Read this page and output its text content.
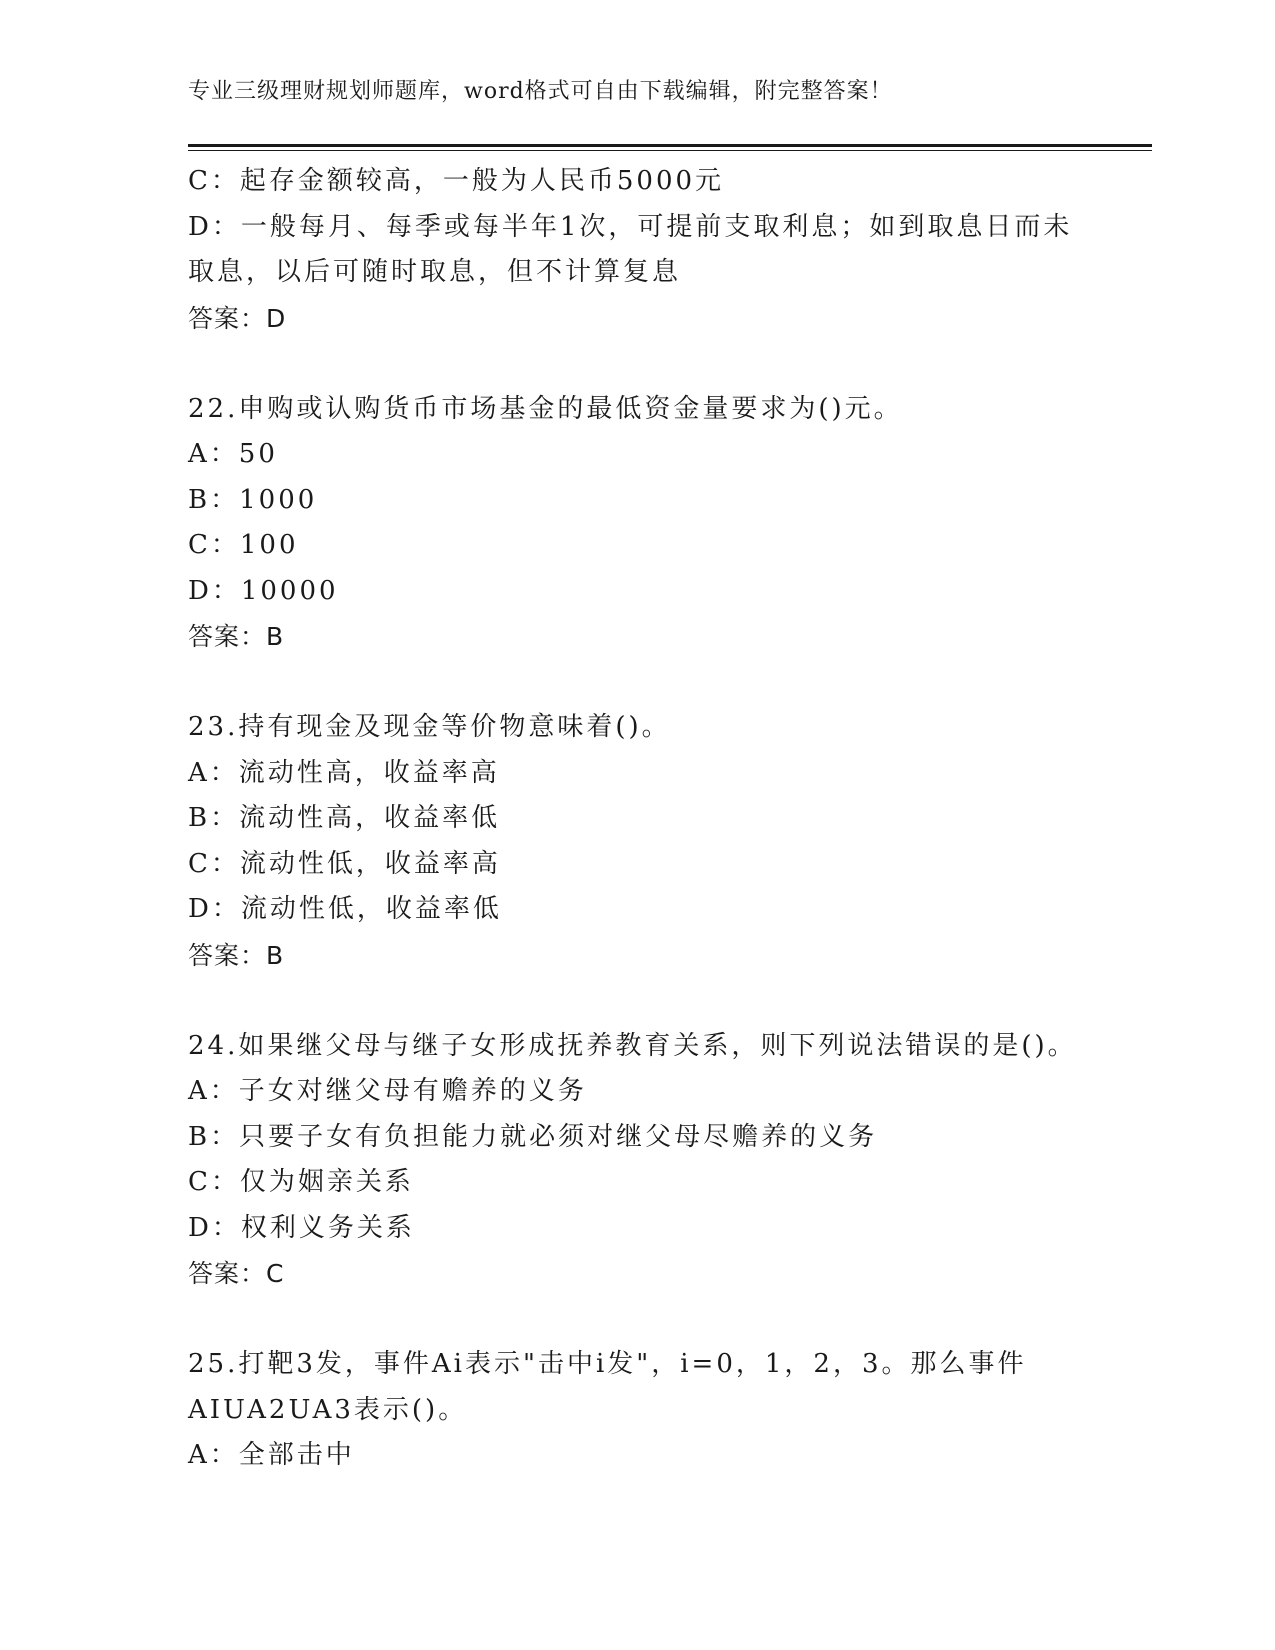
专业三级理财规划师题库，word格式可自由下载编辑，附完整答案！
C：起存金额较高，一般为人民币5000元
D：一般每月、每季或每半年1次，可提前支取利息；如到取息日而未
取息，以后可随时取息，但不计算复息
答案：D
22.申购或认购货币市场基金的最低资金量要求为()元。
A：50
B：1000
C：100
D：10000
答案：B
23.持有现金及现金等价物意味着()。
A：流动性高，收益率高
B：流动性高，收益率低
C：流动性低，收益率高
D：流动性低，收益率低
答案：B
24.如果继父母与继子女形成抚养教育关系，则下列说法错误的是()。
A：子女对继父母有赡养的义务
B：只要子女有负担能力就必须对继父母尽赡养的义务
C：仅为姻亲关系
D：权利义务关系
答案：C
25.打靶3发，事件Ai表示"击中i发"，i=0，1，2，3。那么事件
AIUA2UA3表示()。
A：全部击中
